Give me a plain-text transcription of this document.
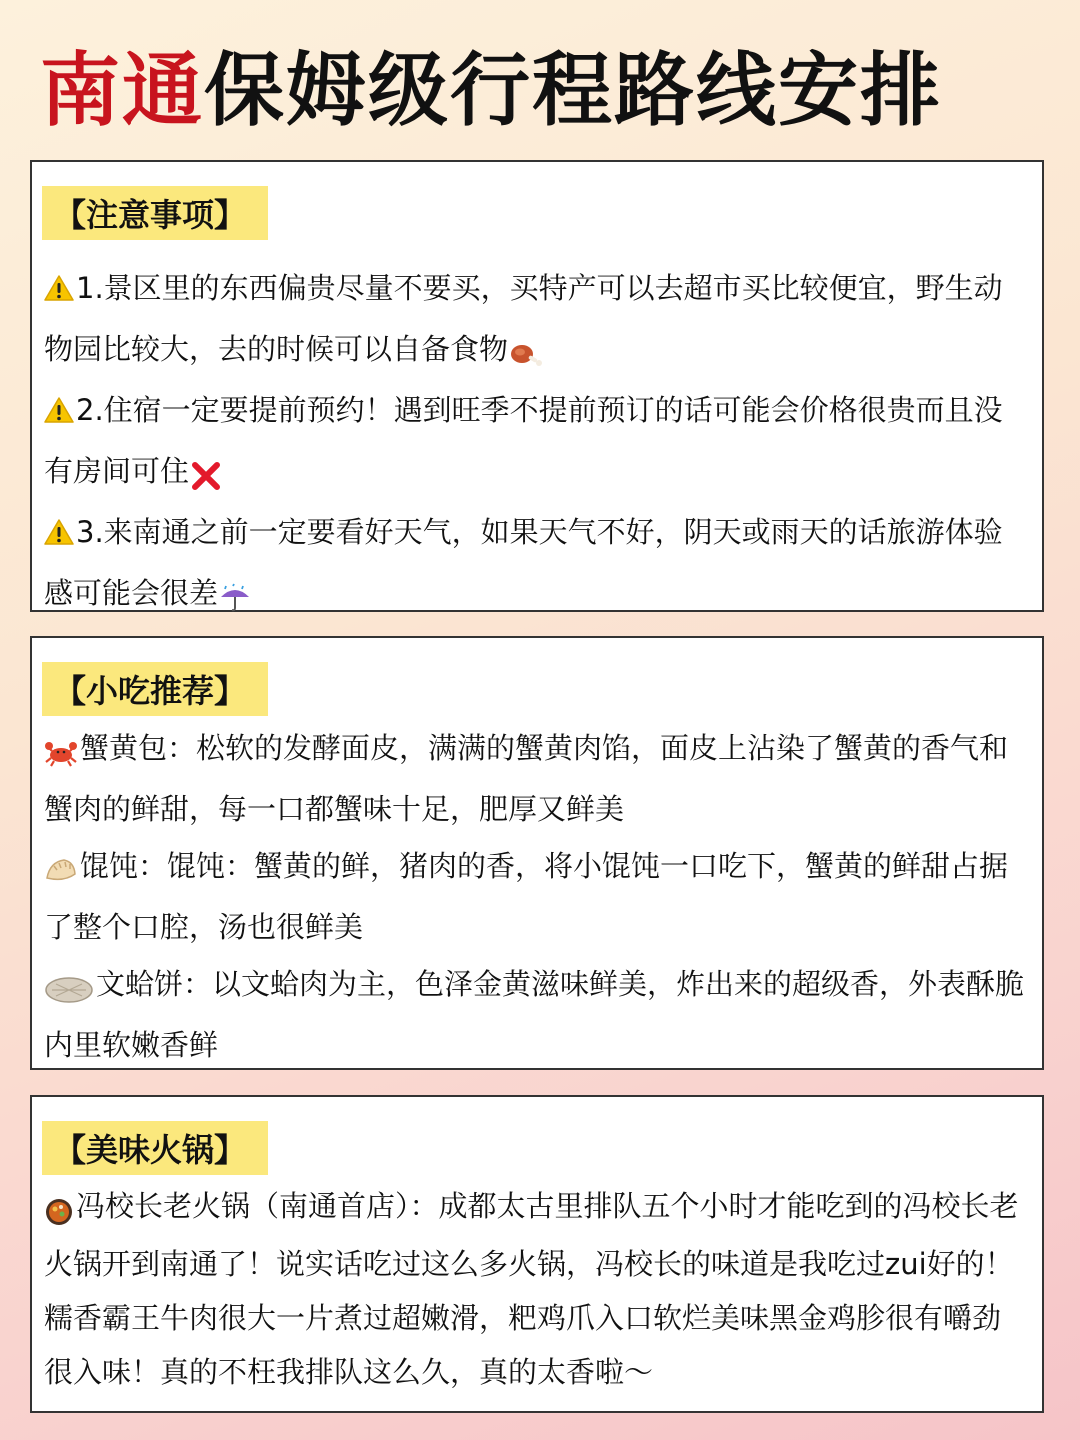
南通 保姆级行程路线安排
【注意事项】

1.景区里的东西偏贵尽量不要买，买特产可以去超市买比较便宜，野生动物园比较大，去的时候可以自备食物

2.住宿一定要提前预约！遇到旺季不提前预订的话可能会价格很贵而且没有房间可住

3.来南通之前一定要看好天气，如果天气不好，阴天或雨天的话旅游体验感可能会很差

【小吃推荐】

蟹黄包：松软的发酵面皮，满满的蟹黄肉馅，面皮上沾染了蟹黄的香气和蟹肉的鲜甜，每一口都蟹味十足，肥厚又鲜美

馄饨：馄饨：蟹黄的鲜，猪肉的香，将小馄饨一口吃下，蟹黄的鲜甜占据了整个口腔，汤也很鲜美

文蛤饼：以文蛤肉为主，色泽金黄滋味鲜美，炸出来的超级香，外表酥脆内里软嫩香鲜

【美味火锅】

冯校长老火锅（南通首店）：成都太古里排队五个小时才能吃到的冯校长老火锅开到南通了！说实话吃过这么多火锅，冯校长的味道是我吃过zui好的！糯香霸王牛肉很大一片煮过超嫩滑，粑鸡爪入口软烂美味黑金鸡胗很有嚼劲很入味！真的不枉我排队这么久，真的太香啦～
